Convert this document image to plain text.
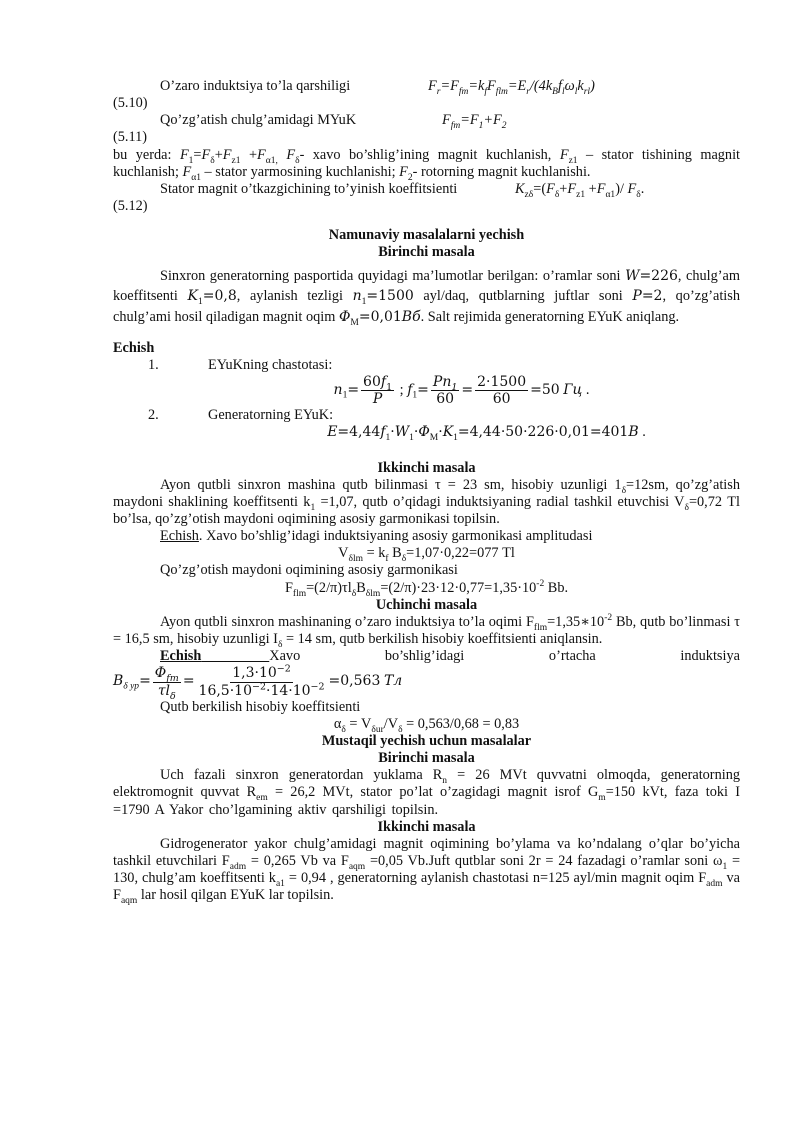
O’zaro induktsiya to’la qarshiligi	$F_r=F_{fm}=k_fF_{flm}=E_r/(4k_Bf_l\omega_lk_{rl})$

(5.10)

Qo’zg’atish chulg’amidagi MYuK	$F_{fm}=F_1+F_2$

(5.11)

bu yerda: $F_1=F_\delta+F_{z1} +F_{\alpha 1,}$ $F_\delta-$ xavo bo’shlig’ining magnit kuchlanish, $F_{z1}$ – stator tishining magnit kuchlanish; $F_{\alpha 1}$ – stator yarmosining kuchlanishi; $F_2-$ rotorning magnit kuchlanishi.

Stator magnit o’tkazgichining to’yinish koeffitsienti	$K_{z\delta}=(F_\delta+F_{z1} +F_{\alpha 1})/$ $F_\delta$.

(5.12)

Namunaviy masalalarni yechish

Birinchi masala

Sinxron generatorning pasportida quyidagi ma’lumotlar berilgan: o’ramlar soni W=226, chulg’am koeffitsenti $K_1=0,8$, aylanish tezligi $n_1=1500$ ayl/daq, qutblarning juftlar soni P=2, qo’zg’atish chulg’ami hosil qiladigan magnit oqim $\Phi_M=0,01Вб$. Salt rejimida generatorning EYuK aniqlang.

Echish

1.	EYuKning chastotasi:
$n_1= \frac{60f_1}{P}$ ; $f_1= \frac{Pn_1}{60} = \frac{2\cdot 1500}{60} =50$ Гц .
2.	Generatorning EYuK:
$E=4,44f_1\cdot W_1\cdot\Phi_M\cdot K_1=4,44\cdot 50\cdot 226\cdot 0,01=401В$ .

Ikkinchi masala

Ayon qutbli sinxron mashina qutb bilinmasi τ = 23 sm, hisobiy uzunligi $1_\delta=12sm$, qo’zg’atish maydoni shaklining koeffitsenti $k_1 =1,07$, qutb o’qidagi induktsiyaning radial tashkil etuvchisi $V_\delta=0,72$ Tl bo’lsa, qo’zg’otish maydoni oqimining asosiy garmonikasi topilsin.

Echish. Xavo bo’shlig’idagi induktsiyaning asosiy garmonikasi amplitudasi

$V_{\delta lm} = k_f$ $B_\delta=1,07\cdot 0,22=077$ Tl

Qo’zg’otish maydoni oqimining asosiy garmonikasi

$F_{flm}=(2/\pi)\tau l_\delta B_{\delta lm}=(2/\pi)\cdot 23\cdot 12\cdot 0,77=1,35\cdot 10^{-2}$ Bb.

Uchinchi masala

Ayon qutbli sinxron mashinaning o’zaro induktsiya to’la oqimi $F_{flm}=1,35∗10^{-2}$ Bb, qutb bo’linmasi τ = 16,5 sm, hisobiy uzunligi $I_\delta = 14$ sm, qutb berkilish hisobiy koeffitsienti aniqlansin.

Echish	Xavo	bo’shlig’idagi	o’rtacha	induktsiya
$B_{\delta yp}= \frac{\Phi_{fm}}{\tau l_\delta} = \frac{1,3\cdot 10^{-2}}{16,5\cdot 10^{-2}\cdot 14\cdot 10^{-2}} =0,563$ Тл

Qutb berkilish hisobiy koeffitsienti

$\alpha_\delta = V_{\delta ur}/V_\delta = 0,563/0,68 = 0,83$

Mustaqil yechish uchun masalalar

Birinchi masala

Uch fazali sinxron generatordan yuklama $R_n = 26$ MVt quvvatni olmoqda, generatorning elektromognit quvvat $R_{em} = 26,2$ MVt, stator po’lat o’zagidagi magnit isrof $G_m=150$ kVt, faza toki I =1790 A Yakor cho’lgamining aktiv qarshiligi topilsin.

Ikkinchi masala

Gidrogenerator yakor chulg’amidagi magnit oqimining bo’ylama va ko’ndalang o’qlar bo’yicha tashkil etuvchilari $F_{adm} = 0,265$ Vb va $F_{aqm} =0,05$ Vb.Juft qutblar soni 2r = 24 fazadagi o’ramlar soni $\omega_1 = 130$, chulg’am koeffitsenti $k_{a1} = 0,94$ , generatorning aylanish chastotasi n=125 ayl/min magnit oqim $F_{adm}$ va $F_{aqm}$ lar hosil qilgan EYuK lar topilsin.
